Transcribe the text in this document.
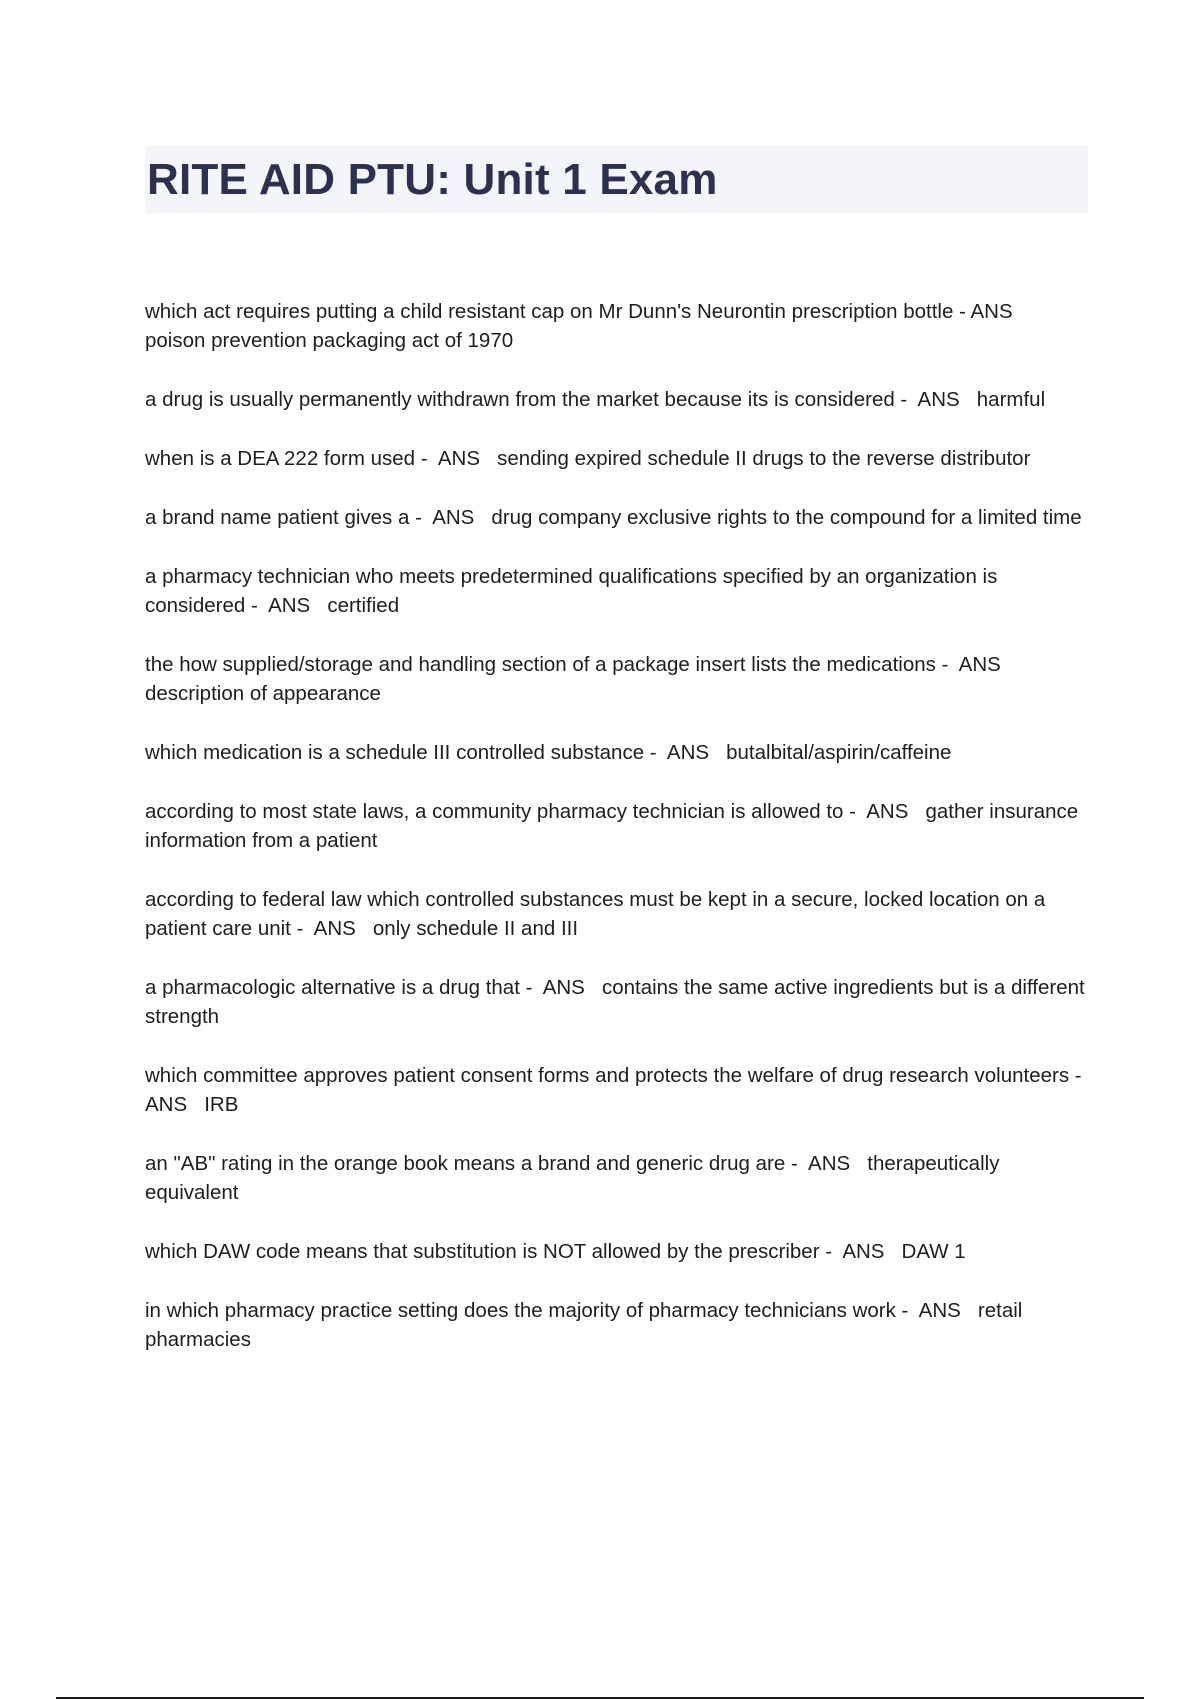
RITE AID PTU: Unit 1 Exam
which act requires putting a child resistant cap on Mr Dunn's Neurontin prescription bottle - ANS   poison prevention packaging act of 1970
a drug is usually permanently withdrawn from the market because its is considered -  ANS   harmful
when is a DEA 222 form used -  ANS   sending expired schedule II drugs to the reverse distributor
a brand name patient gives a -  ANS   drug company exclusive rights to the compound for a limited time
a pharmacy technician who meets predetermined qualifications specified by an organization is considered -  ANS   certified
the how supplied/storage and handling section of a package insert lists the medications -  ANS   description of appearance
which medication is a schedule III controlled substance -  ANS   butalbital/aspirin/caffeine
according to most state laws, a community pharmacy technician is allowed to -  ANS   gather insurance information from a patient
according to federal law which controlled substances must be kept in a secure, locked location on a patient care unit -  ANS   only schedule II and III
a pharmacologic alternative is a drug that -  ANS   contains the same active ingredients but is a different strength
which committee approves patient consent forms and protects the welfare of drug research volunteers -  ANS   IRB
an "AB" rating in the orange book means a brand and generic drug are -  ANS   therapeutically equivalent
which DAW code means that substitution is NOT allowed by the prescriber -  ANS   DAW 1
in which pharmacy practice setting does the majority of pharmacy technicians work -  ANS   retail pharmacies
